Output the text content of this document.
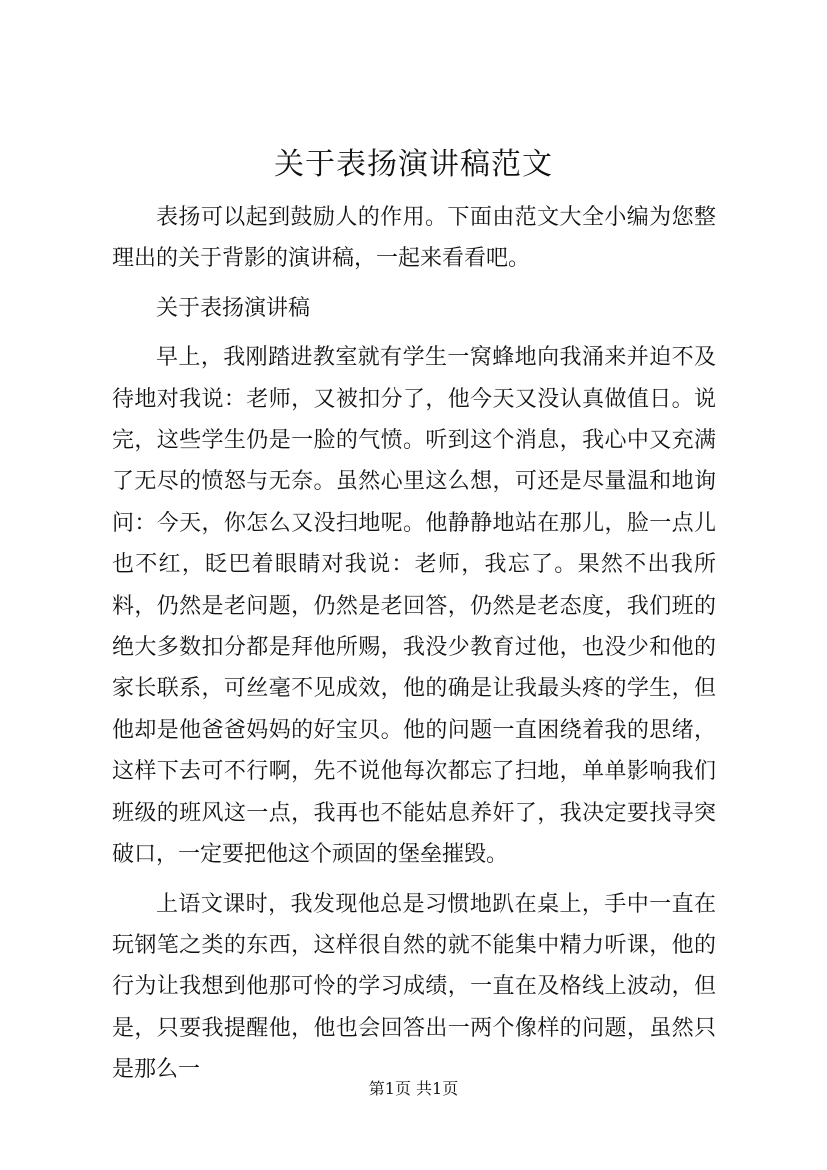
关于表扬演讲稿范文

表扬可以起到鼓励人的作用。下面由范文大全小编为您整理出的关于背影的演讲稿，一起来看看吧。

关于表扬演讲稿

早上，我刚踏进教室就有学生一窝蜂地向我涌来并迫不及待地对我说：老师，又被扣分了，他今天又没认真做值日。说完，这些学生仍是一脸的气愤。听到这个消息，我心中又充满了无尽的愤怒与无奈。虽然心里这么想，可还是尽量温和地询问：今天，你怎么又没扫地呢。他静静地站在那儿，脸一点儿也不红，眨巴着眼睛对我说：老师，我忘了。果然不出我所料，仍然是老问题，仍然是老回答，仍然是老态度，我们班的绝大多数扣分都是拜他所赐，我没少教育过他，也没少和他的家长联系，可丝毫不见成效，他的确是让我最头疼的学生，但他却是他爸爸妈妈的好宝贝。他的问题一直困绕着我的思绪，这样下去可不行啊，先不说他每次都忘了扫地，单单影响我们班级的班风这一点，我再也不能姑息养奸了，我决定要找寻突破口，一定要把他这个顽固的堡垒摧毁。

上语文课时，我发现他总是习惯地趴在桌上，手中一直在玩钢笔之类的东西，这样很自然的就不能集中精力听课，他的行为让我想到他那可怜的学习成绩，一直在及格线上波动，但是，只要我提醒他，他也会回答出一两个像样的问题，虽然只是那么一

第1页 共1页
